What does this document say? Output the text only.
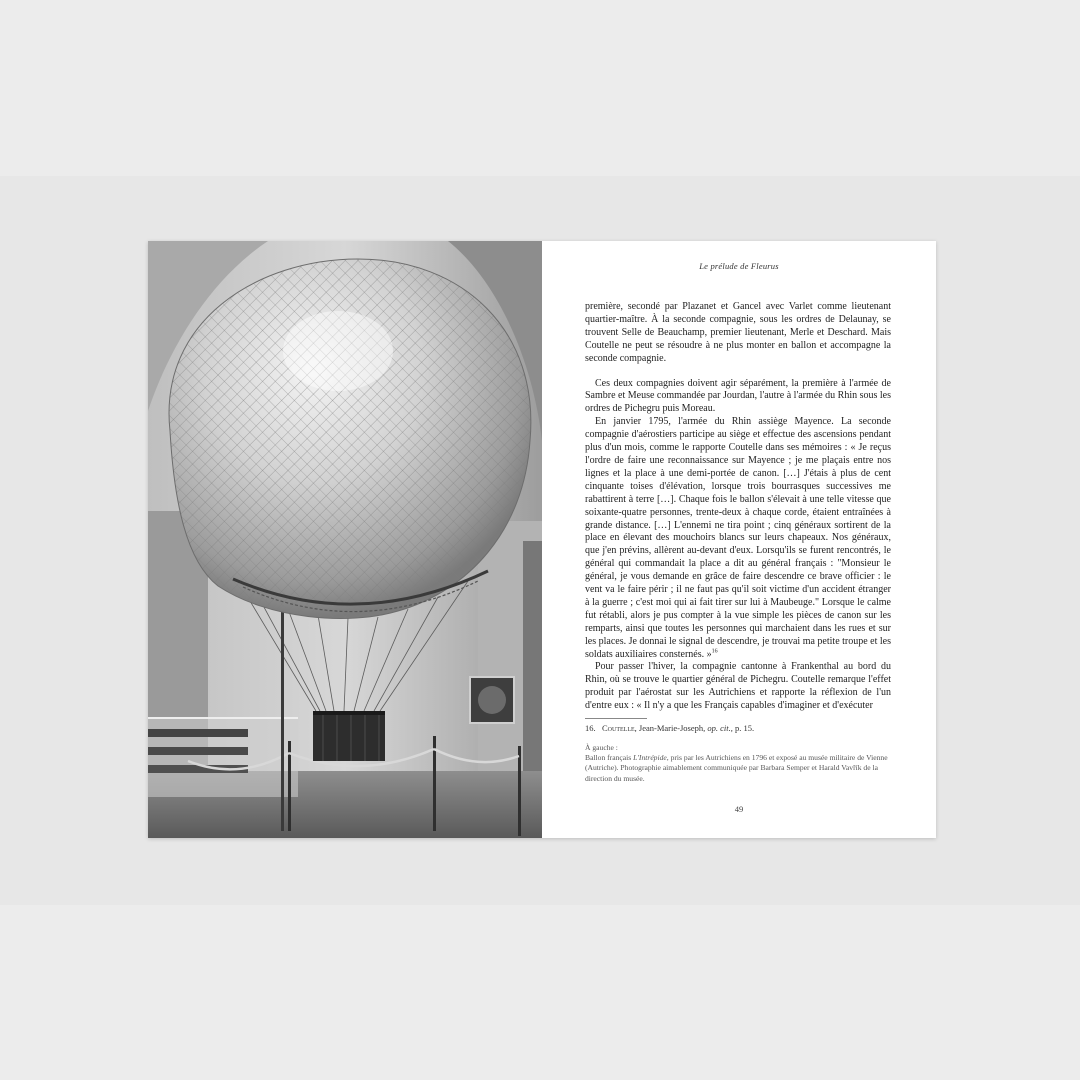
Le prélude de Fleurus

première, secondé par Plazanet et Gancel avec Varlet comme lieutenant quartier-maître. À la seconde compagnie, sous les ordres de Delaunay, se trouvent Selle de Beauchamp, premier lieutenant, Merle et Deschard. Mais Coutelle ne peut se résoudre à ne plus monter en ballon et accompagne la seconde compagnie.

Ces deux compagnies doivent agir séparément, la première à l'armée de Sambre et Meuse commandée par Jourdan, l'autre à l'armée du Rhin sous les ordres de Pichegru puis Moreau.

En janvier 1795, l'armée du Rhin assiège Mayence. La seconde compagnie d'aérostiers participe au siège et effectue des ascensions pendant plus d'un mois, comme le rapporte Coutelle dans ses mémoires : « Je reçus l'ordre de faire une reconnaissance sur Mayence ; je me plaçais entre nos lignes et la place à une demi-portée de canon. […] J'étais à plus de cent cinquante toises d'élévation, lorsque trois bourrasques successives me rabattirent à terre […]. Chaque fois le ballon s'élevait à une telle vitesse que soixante-quatre personnes, trente-deux à chaque corde, étaient entraînées à grande distance. […] L'ennemi ne tira point ; cinq généraux sortirent de la place en élevant des mouchoirs blancs sur leurs chapeaux. Nos généraux, que j'en prévins, allèrent au-devant d'eux. Lorsqu'ils se furent rencontrés, le général qui commandait la place a dit au général français : "Monsieur le général, je vous demande en grâce de faire descendre ce brave officier : le vent va le faire périr ; il ne faut pas qu'il soit victime d'un accident étranger à la guerre ; c'est moi qui ai fait tirer sur lui à Maubeuge." Lorsque le calme fut rétabli, alors je pus compter à la vue simple les pièces de canon sur les remparts, ainsi que toutes les personnes qui marchaient dans les rues et sur les places. Je donnai le signal de descendre, je trouvai ma petite troupe et les soldats auxiliaires consternés. »$^{16}$

Pour passer l'hiver, la compagnie cantonne à Frankenthal au bord du Rhin, où se trouve le quartier général de Pichegru. Coutelle remarque l'effet produit par l'aérostat sur les Autrichiens et rapporte la réflexion de l'un d'entre eux : « Il n'y a que les Français capables d'imaginer et d'exécuter

16. Coutelle, Jean-Marie-Joseph, op. cit., p. 15.
À gauche :
Ballon français L'Intrépide, pris par les Autrichiens en 1796 et exposé au musée militaire de Vienne (Autriche). Photographie aimablement communiquée par Barbara Semper et Harald Vavřík de la direction du musée.
49
